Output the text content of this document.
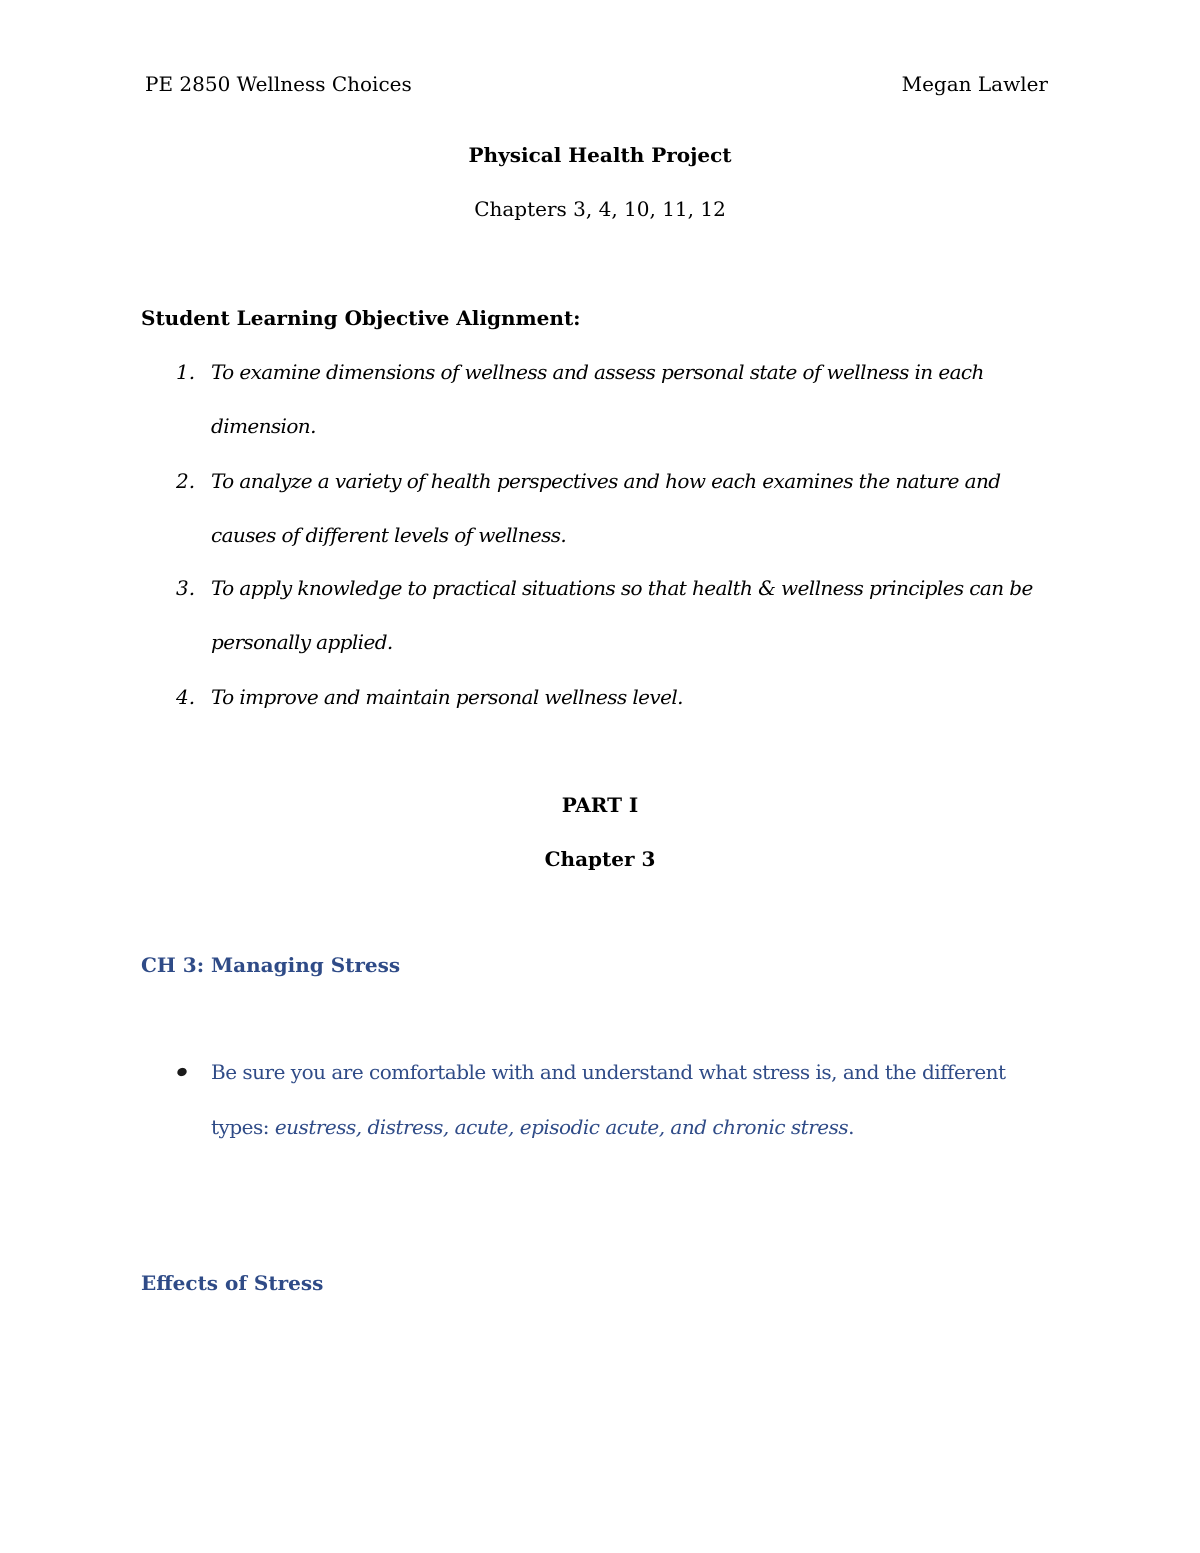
PE 2850 Wellness Choices	Megan Lawler
Physical Health Project
Chapters 3, 4, 10, 11, 12
Student Learning Objective Alignment:
1. To examine dimensions of wellness and assess personal state of wellness in each dimension.
2. To analyze a variety of health perspectives and how each examines the nature and causes of different levels of wellness.
3. To apply knowledge to practical situations so that health & wellness principles can be personally applied.
4. To improve and maintain personal wellness level.
PART I
Chapter 3
CH 3: Managing Stress
Be sure you are comfortable with and understand what stress is, and the different types: eustress, distress, acute, episodic acute, and chronic stress.
Effects of Stress
